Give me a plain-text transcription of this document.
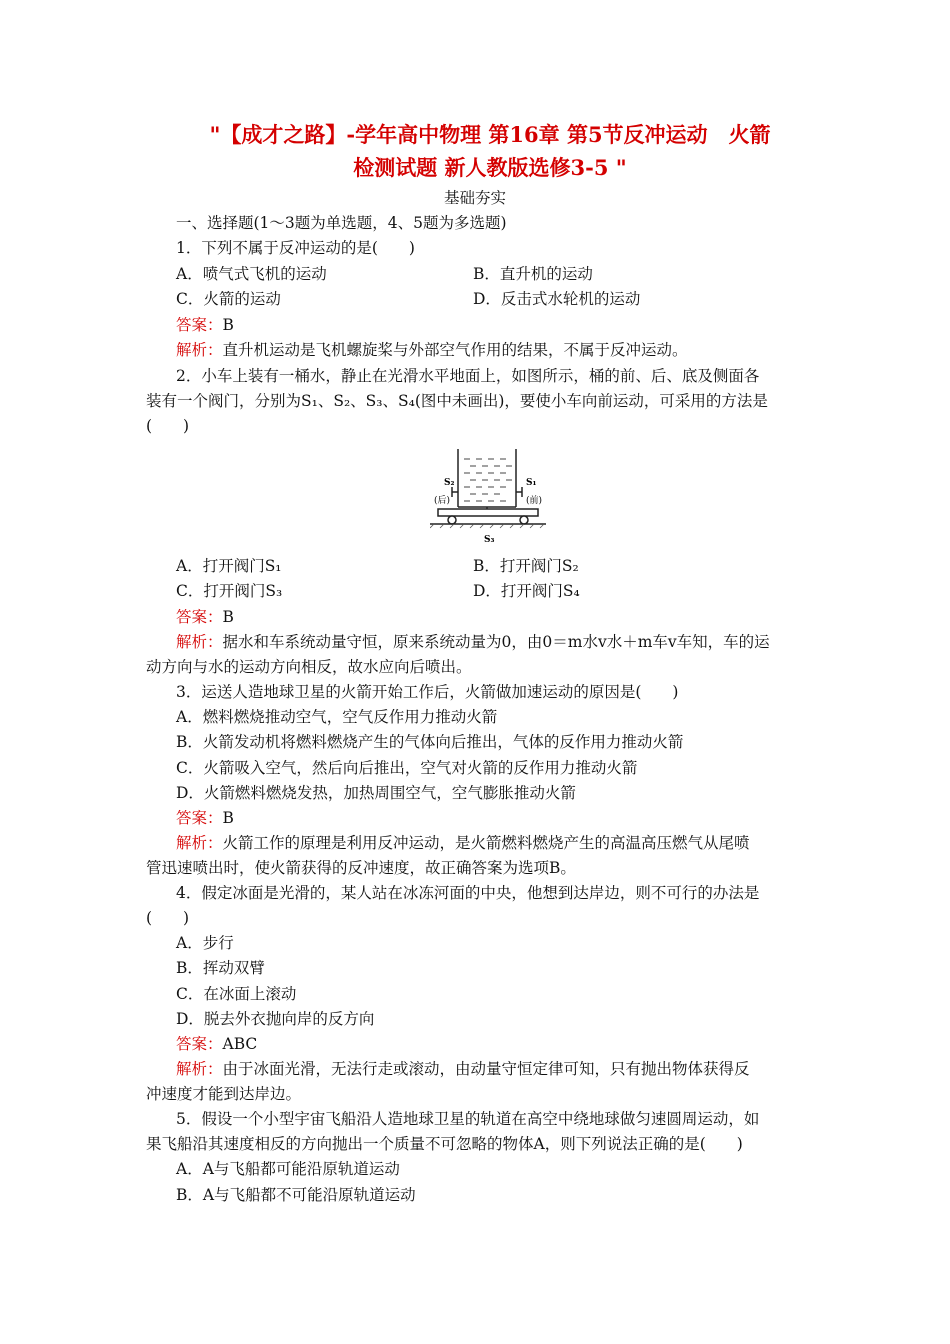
"【成才之路】-学年高中物理 第16章 第5节反冲运动　火箭
检测试题 新人教版选修3-5 "
基础夯实
一、选择题(1～3题为单选题，4、5题为多选题)
1．下列不属于反冲运动的是(　　)
A．喷气式飞机的运动	B．直升机的运动
C．火箭的运动	D．反击式水轮机的运动
答案：B
解析：直升机运动是飞机螺旋桨与外部空气作用的结果，不属于反冲运动。
2．小车上装有一桶水，静止在光滑水平地面上，如图所示，桶的前、后、底及侧面各
装有一个阀门，分别为S₁、S₂、S₃、S₄(图中未画出)，要使小车向前运动，可采用的方法是
(　　)
S₂
(后)
S₁
(前)
S₃
A．打开阀门S₁	B．打开阀门S₂
C．打开阀门S₃	D．打开阀门S₄
答案：B
解析：据水和车系统动量守恒，原来系统动量为0，由0＝m水v水＋m车v车知，车的运
动方向与水的运动方向相反，故水应向后喷出。
3．运送人造地球卫星的火箭开始工作后，火箭做加速运动的原因是(　　)
A．燃料燃烧推动空气，空气反作用力推动火箭
B．火箭发动机将燃料燃烧产生的气体向后推出，气体的反作用力推动火箭
C．火箭吸入空气，然后向后推出，空气对火箭的反作用力推动火箭
D．火箭燃料燃烧发热，加热周围空气，空气膨胀推动火箭
答案：B
解析：火箭工作的原理是利用反冲运动，是火箭燃料燃烧产生的高温高压燃气从尾喷
管迅速喷出时，使火箭获得的反冲速度，故正确答案为选项B。
4．假定冰面是光滑的，某人站在冰冻河面的中央，他想到达岸边，则不可行的办法是
(　　)
A．步行
B．挥动双臂
C．在冰面上滚动
D．脱去外衣抛向岸的反方向
答案：ABC
解析：由于冰面光滑，无法行走或滚动，由动量守恒定律可知，只有抛出物体获得反
冲速度才能到达岸边。
5．假设一个小型宇宙飞船沿人造地球卫星的轨道在高空中绕地球做匀速圆周运动，如
果飞船沿其速度相反的方向抛出一个质量不可忽略的物体A，则下列说法正确的是(　　)
A．A与飞船都可能沿原轨道运动
B．A与飞船都不可能沿原轨道运动
